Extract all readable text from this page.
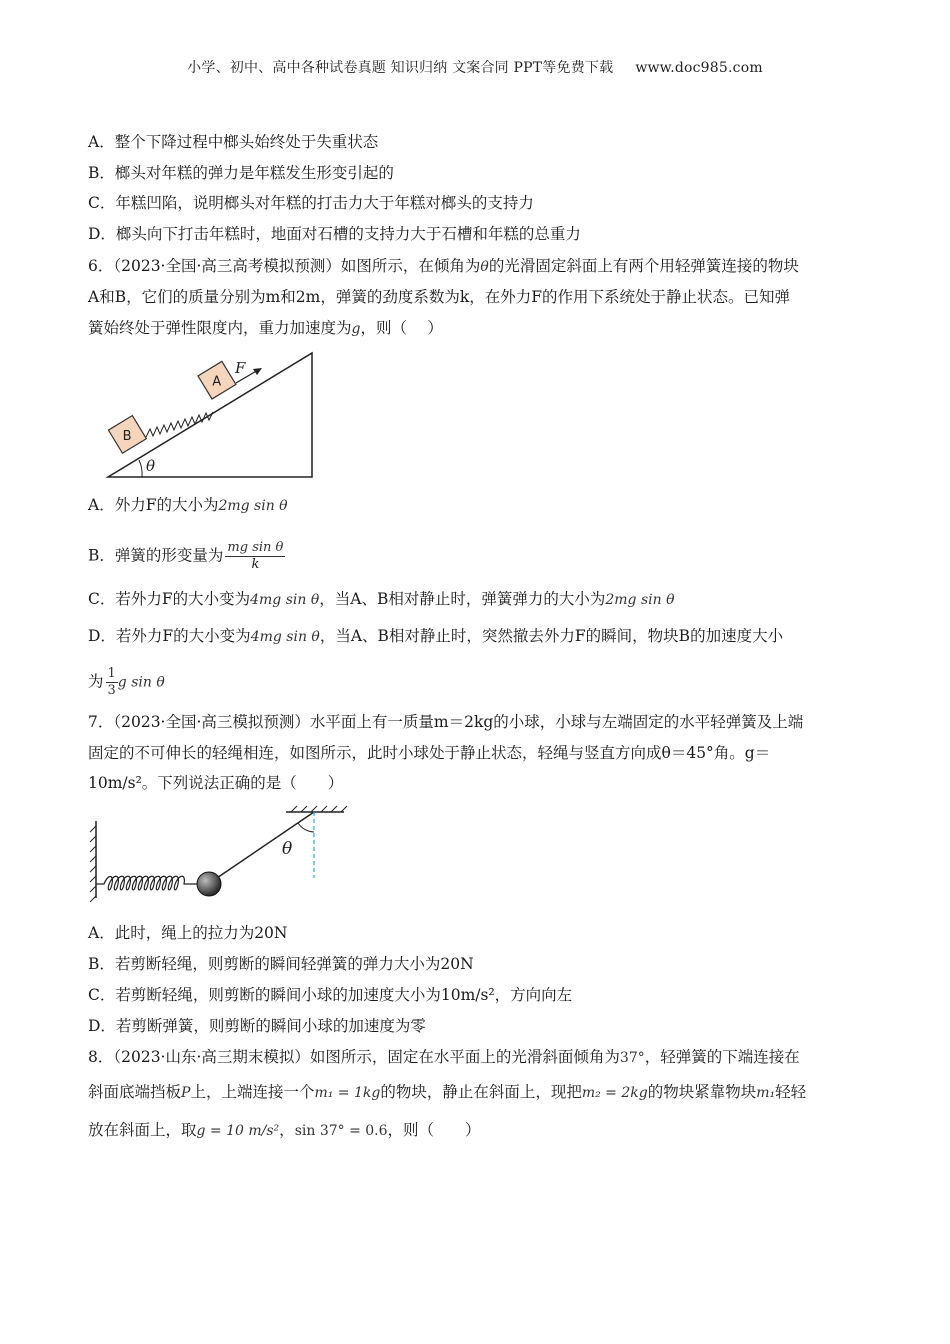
小学、初中、高中各种试卷真题 知识归纳 文案合同 PPT等免费下载 www.doc985.com
A．整个下降过程中榔头始终处于失重状态
B．榔头对年糕的弹力是年糕发生形变引起的
C．年糕凹陷，说明榔头对年糕的打击力大于年糕对榔头的支持力
D．榔头向下打击年糕时，地面对石槽的支持力大于石槽和年糕的总重力
6．（2023·全国·高三高考模拟预测）如图所示，在倾角为θ的光滑固定斜面上有两个用轻弹簧连接的物块
A和B，它们的质量分别为m和2m，弹簧的劲度系数为k，在外力F的作用下系统处于静止状态。已知弹
簧始终处于弹性限度内，重力加速度为g，则（　 ）
θ
B
A
F
A．外力F的大小为2mg sin θ
B．弹簧的形变量为 $\frac{\text{mg sin θ}}{k}$
C．若外力F的大小变为4mg sin θ，当A、B相对静止时，弹簧弹力的大小为2mg sin θ
D．若外力F的大小变为4mg sin θ，当A、B相对静止时，突然撤去外力F的瞬间，物块B的加速度大小
为 $\frac{1}{3}$ g sin θ
7．（2023·全国·高三模拟预测）水平面上有一质量m＝2kg的小球，小球与左端固定的水平轻弹簧及上端
固定的不可伸长的轻绳相连，如图所示，此时小球处于静止状态，轻绳与竖直方向成θ＝45°角。g＝
10m/s²。下列说法正确的是（　　）
θ
A．此时，绳上的拉力为20N
B．若剪断轻绳，则剪断的瞬间轻弹簧的弹力大小为20N
C．若剪断轻绳，则剪断的瞬间小球的加速度大小为10m/s²，方向向左
D．若剪断弹簧，则剪断的瞬间小球的加速度为零
8．（2023·山东·高三期末模拟）如图所示，固定在水平面上的光滑斜面倾角为37°，轻弹簧的下端连接在
斜面底端挡板P上，上端连接一个m₁ = 1kg的物块，静止在斜面上，现把m₂ = 2kg的物块紧靠物块m₁轻轻
放在斜面上，取g = 10 m/s²，sin 37° = 0.6，则（　　）
